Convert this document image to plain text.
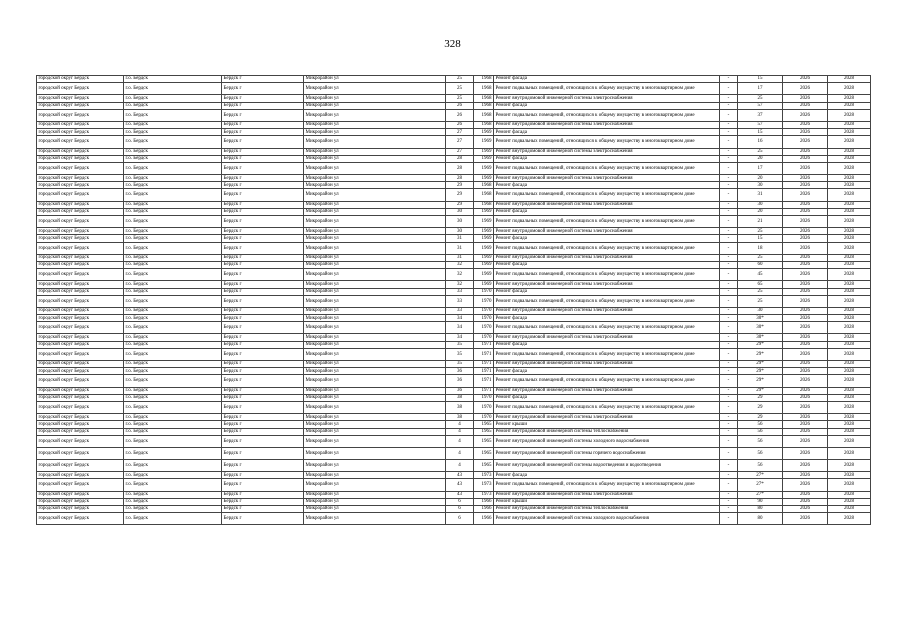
328
городской округ Бердск	г.о. Бердск	Бердск г	Микрорайон ул	25	1968	Ремонт фасада	-	15	2026	2028
городской округ Бердск	г.о. Бердск	Бердск г	Микрорайон ул	25	1968	Ремонт подвальных помещений, относящихся к общему имуществу в многоквартирном доме	-	17	2026	2028
городской округ Бердск	г.о. Бердск	Бердск г	Микрорайон ул	25	1968	Ремонт внутридомовой инженерной системы электроснабжения	-	25	2026	2028
городской округ Бердск	г.о. Бердск	Бердск г	Микрорайон ул	26	1968	Ремонт фасада	-	57	2026	2028
городской округ Бердск	г.о. Бердск	Бердск г	Микрорайон ул	26	1968	Ремонт подвальных помещений, относящихся к общему имуществу в многоквартирном доме	-	37	2026	2028
городской округ Бердск	г.о. Бердск	Бердск г	Микрорайон ул	26	1968	Ремонт внутридомовой инженерной системы электроснабжения	-	57	2026	2028
городской округ Бердск	г.о. Бердск	Бердск г	Микрорайон ул	27	1969	Ремонт фасада	-	15	2026	2028
городской округ Бердск	г.о. Бердск	Бердск г	Микрорайон ул	27	1969	Ремонт подвальных помещений, относящихся к общему имуществу в многоквартирном доме	-	16	2026	2028
городской округ Бердск	г.о. Бердск	Бердск г	Микрорайон ул	27	1969	Ремонт внутридомовой инженерной системы электроснабжения	-	25	2026	2028
городской округ Бердск	г.о. Бердск	Бердск г	Микрорайон ул	28	1969	Ремонт фасада	-	20	2026	2028
городской округ Бердск	г.о. Бердск	Бердск г	Микрорайон ул	28	1969	Ремонт подвальных помещений, относящихся к общему имуществу в многоквартирном доме	-	17	2026	2028
городской округ Бердск	г.о. Бердск	Бердск г	Микрорайон ул	28	1969	Ремонт внутридомовой инженерной системы электроснабжения	-	20	2026	2028
городской округ Бердск	г.о. Бердск	Бердск г	Микрорайон ул	29	1968	Ремонт фасада	-	30	2026	2028
городской округ Бердск	г.о. Бердск	Бердск г	Микрорайон ул	29	1968	Ремонт подвальных помещений, относящихся к общему имуществу в многоквартирном доме	-	31	2026	2028
городской округ Бердск	г.о. Бердск	Бердск г	Микрорайон ул	29	1968	Ремонт внутридомовой инженерной системы электроснабжения	-	30	2026	2028
городской округ Бердск	г.о. Бердск	Бердск г	Микрорайон ул	30	1969	Ремонт фасада	-	20	2026	2028
городской округ Бердск	г.о. Бердск	Бердск г	Микрорайон ул	30	1969	Ремонт подвальных помещений, относящихся к общему имуществу в многоквартирном доме	-	21	2026	2028
городской округ Бердск	г.о. Бердск	Бердск г	Микрорайон ул	30	1969	Ремонт внутридомовой инженерной системы электроснабжения	-	25	2026	2028
городской округ Бердск	г.о. Бердск	Бердск г	Микрорайон ул	31	1969	Ремонт фасада	-	15	2026	2028
городской округ Бердск	г.о. Бердск	Бердск г	Микрорайон ул	31	1969	Ремонт подвальных помещений, относящихся к общему имуществу в многоквартирном доме	-	18	2026	2028
городской округ Бердск	г.о. Бердск	Бердск г	Микрорайон ул	31	1969	Ремонт внутридомовой инженерной системы электроснабжения	-	25	2026	2028
городской округ Бердск	г.о. Бердск	Бердск г	Микрорайон ул	32	1969	Ремонт фасада	-	60	2026	2028
городской округ Бердск	г.о. Бердск	Бердск г	Микрорайон ул	32	1969	Ремонт подвальных помещений, относящихся к общему имуществу в многоквартирном доме	-	45	2026	2028
городской округ Бердск	г.о. Бердск	Бердск г	Микрорайон ул	32	1969	Ремонт внутридомовой инженерной системы электроснабжения	-	65	2026	2028
городской округ Бердск	г.о. Бердск	Бердск г	Микрорайон ул	33	1970	Ремонт фасада	-	25	2026	2028
городской округ Бердск	г.о. Бердск	Бердск г	Микрорайон ул	33	1970	Ремонт подвальных помещений, относящихся к общему имуществу в многоквартирном доме	-	25	2026	2028
городской округ Бердск	г.о. Бердск	Бердск г	Микрорайон ул	33	1970	Ремонт внутридомовой инженерной системы электроснабжения	-	30	2026	2028
городской округ Бердск	г.о. Бердск	Бердск г	Микрорайон ул	34	1970	Ремонт фасада	-	30*	2026	2028
городской округ Бердск	г.о. Бердск	Бердск г	Микрорайон ул	34	1970	Ремонт подвальных помещений, относящихся к общему имуществу в многоквартирном доме	-	30*	2026	2028
городской округ Бердск	г.о. Бердск	Бердск г	Микрорайон ул	34	1970	Ремонт внутридомовой инженерной системы электроснабжения	-	30*	2026	2028
городской округ Бердск	г.о. Бердск	Бердск г	Микрорайон ул	35	1971	Ремонт фасада	-	29*	2026	2028
городской округ Бердск	г.о. Бердск	Бердск г	Микрорайон ул	35	1971	Ремонт подвальных помещений, относящихся к общему имуществу в многоквартирном доме	-	29*	2026	2028
городской округ Бердск	г.о. Бердск	Бердск г	Микрорайон ул	35	1971	Ремонт внутридомовой инженерной системы электроснабжения	-	29*	2026	2028
городской округ Бердск	г.о. Бердск	Бердск г	Микрорайон ул	36	1971	Ремонт фасада	-	29*	2026	2028
городской округ Бердск	г.о. Бердск	Бердск г	Микрорайон ул	36	1971	Ремонт подвальных помещений, относящихся к общему имуществу в многоквартирном доме	-	29*	2026	2028
городской округ Бердск	г.о. Бердск	Бердск г	Микрорайон ул	36	1971	Ремонт внутридомовой инженерной системы электроснабжения	-	29*	2026	2028
городской округ Бердск	г.о. Бердск	Бердск г	Микрорайон ул	38	1970	Ремонт фасада	-	29	2026	2028
городской округ Бердск	г.о. Бердск	Бердск г	Микрорайон ул	38	1970	Ремонт подвальных помещений, относящихся к общему имуществу в многоквартирном доме	-	29	2026	2028
городской округ Бердск	г.о. Бердск	Бердск г	Микрорайон ул	38	1970	Ремонт внутридомовой инженерной системы электроснабжения	-	29	2026	2028
городской округ Бердск	г.о. Бердск	Бердск г	Микрорайон ул	4	1965	Ремонт крыши	-	56	2026	2028
городской округ Бердск	г.о. Бердск	Бердск г	Микрорайон ул	4	1965	Ремонт внутридомовой инженерной системы теплоснабжения	-	56	2026	2028
городской округ Бердск	г.о. Бердск	Бердск г	Микрорайон ул	4	1965	Ремонт внутридомовой инженерной системы холодного водоснабжения	-	56	2026	2028
городской округ Бердск	г.о. Бердск	Бердск г	Микрорайон ул	4	1965	Ремонт внутридомовой инженерной системы горячего водоснабжения	-	56	2026	2028
городской округ Бердск	г.о. Бердск	Бердск г	Микрорайон ул	4	1965	Ремонт внутридомовой инженерной системы водоотведения и водоотведения	-	56	2026	2028
городской округ Бердск	г.о. Бердск	Бердск г	Микрорайон ул	43	1973	Ремонт фасада	-	27*	2026	2028
городской округ Бердск	г.о. Бердск	Бердск г	Микрорайон ул	43	1973	Ремонт подвальных помещений, относящихся к общему имуществу в многоквартирном доме	-	27*	2026	2028
городской округ Бердск	г.о. Бердск	Бердск г	Микрорайон ул	43	1973	Ремонт внутридомовой инженерной системы электроснабжения	-	27*	2026	2028
городской округ Бердск	г.о. Бердск	Бердск г	Микрорайон ул	6	1966	Ремонт крыши	-	90	2026	2028
городской округ Бердск	г.о. Бердск	Бердск г	Микрорайон ул	6	1966	Ремонт внутридомовой инженерной системы теплоснабжения	-	80	2026	2028
городской округ Бердск	г.о. Бердск	Бердск г	Микрорайон ул	6	1966	Ремонт внутридомовой инженерной системы холодного водоснабжения	-	80	2026	2028
